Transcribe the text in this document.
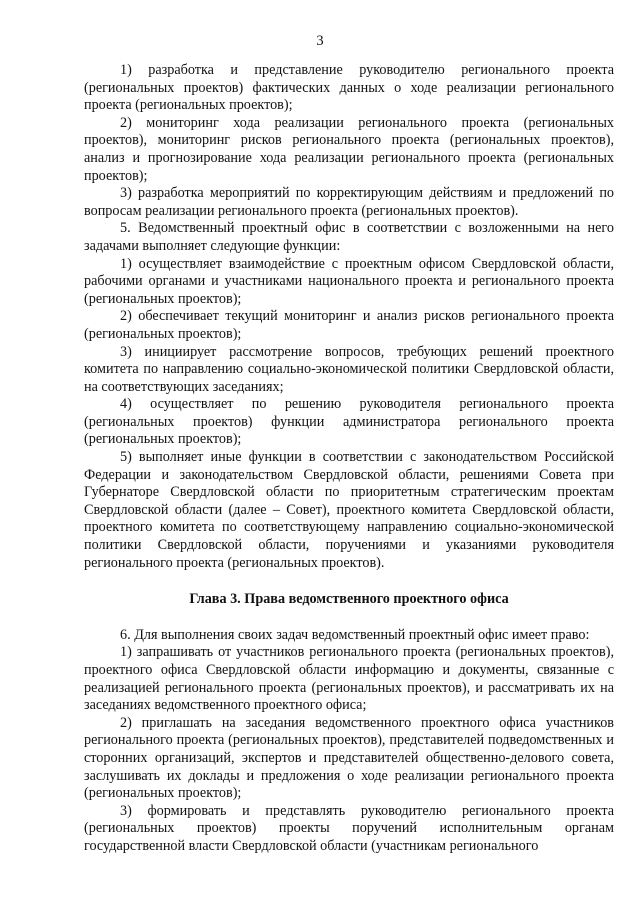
3

1) разработка и представление руководителю регионального проекта (региональных проектов) фактических данных о ходе реализации регионального проекта (региональных проектов);

2) мониторинг хода реализации регионального проекта (региональных проектов), мониторинг рисков регионального проекта (региональных проектов), анализ и прогнозирование хода реализации регионального проекта (региональных проектов);

3) разработка мероприятий по корректирующим действиям и предложений по вопросам реализации регионального проекта (региональных проектов).

5. Ведомственный проектный офис в соответствии с возложенными на него задачами выполняет следующие функции:

1) осуществляет взаимодействие с проектным офисом Свердловской области, рабочими органами и участниками национального проекта и регионального проекта (региональных проектов);

2) обеспечивает текущий мониторинг и анализ рисков регионального проекта (региональных проектов);

3) инициирует рассмотрение вопросов, требующих решений проектного комитета по направлению социально-экономической политики Свердловской области, на соответствующих заседаниях;

4) осуществляет по решению руководителя регионального проекта (региональных проектов) функции администратора регионального проекта (региональных проектов);

5) выполняет иные функции в соответствии с законодательством Российской Федерации и законодательством Свердловской области, решениями Совета при Губернаторе Свердловской области по приоритетным стратегическим проектам Свердловской области (далее – Совет), проектного комитета Свердловской области, проектного комитета по соответствующему направлению социально-экономической политики Свердловской области, поручениями и указаниями руководителя регионального проекта (региональных проектов).

Глава 3. Права ведомственного проектного офиса

6. Для выполнения своих задач ведомственный проектный офис имеет право:

1) запрашивать от участников регионального проекта (региональных проектов), проектного офиса Свердловской области информацию и документы, связанные с реализацией регионального проекта (региональных проектов), и рассматривать их на заседаниях ведомственного проектного офиса;

2) приглашать на заседания ведомственного проектного офиса участников регионального проекта (региональных проектов), представителей подведомственных и сторонних организаций, экспертов и представителей общественно-делового совета, заслушивать их доклады и предложения о ходе реализации регионального проекта (региональных проектов);

3) формировать и представлять руководителю регионального проекта (региональных проектов) проекты поручений исполнительным органам государственной власти Свердловской области (участникам регионального
